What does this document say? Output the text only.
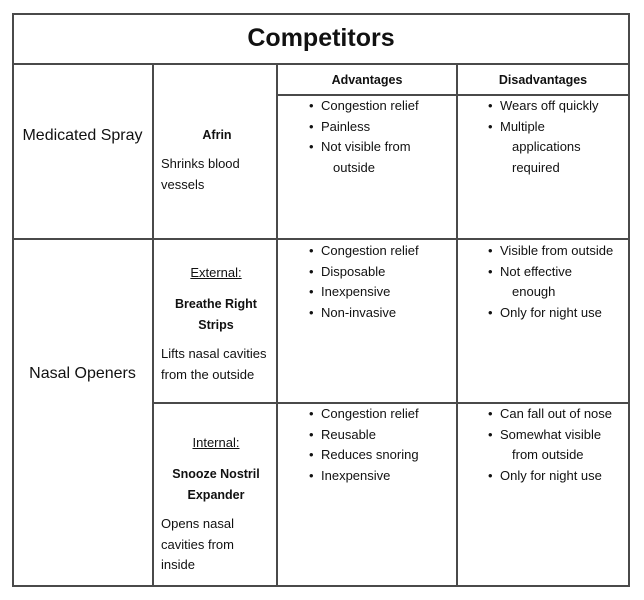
Competitors
Advantages	Disadvantages
Medicated Spray
Nasal Openers
Afrin
Shrinks blood
vessels
External:
Breathe Right
Strips
Lifts nasal cavities
from the outside
Internal:
Snooze Nostril
Expander
Opens nasal
cavities from
inside
• Congestion relief
• Painless
• Not visible from
outside
• Wears off quickly
• Multiple
applications
required
• Congestion relief
• Disposable
• Inexpensive
• Non-invasive
• Visible from outside
• Not effective
enough
• Only for night use
• Congestion relief
• Reusable
• Reduces snoring
• Inexpensive
• Can fall out of nose
• Somewhat visible
from outside
• Only for night use
